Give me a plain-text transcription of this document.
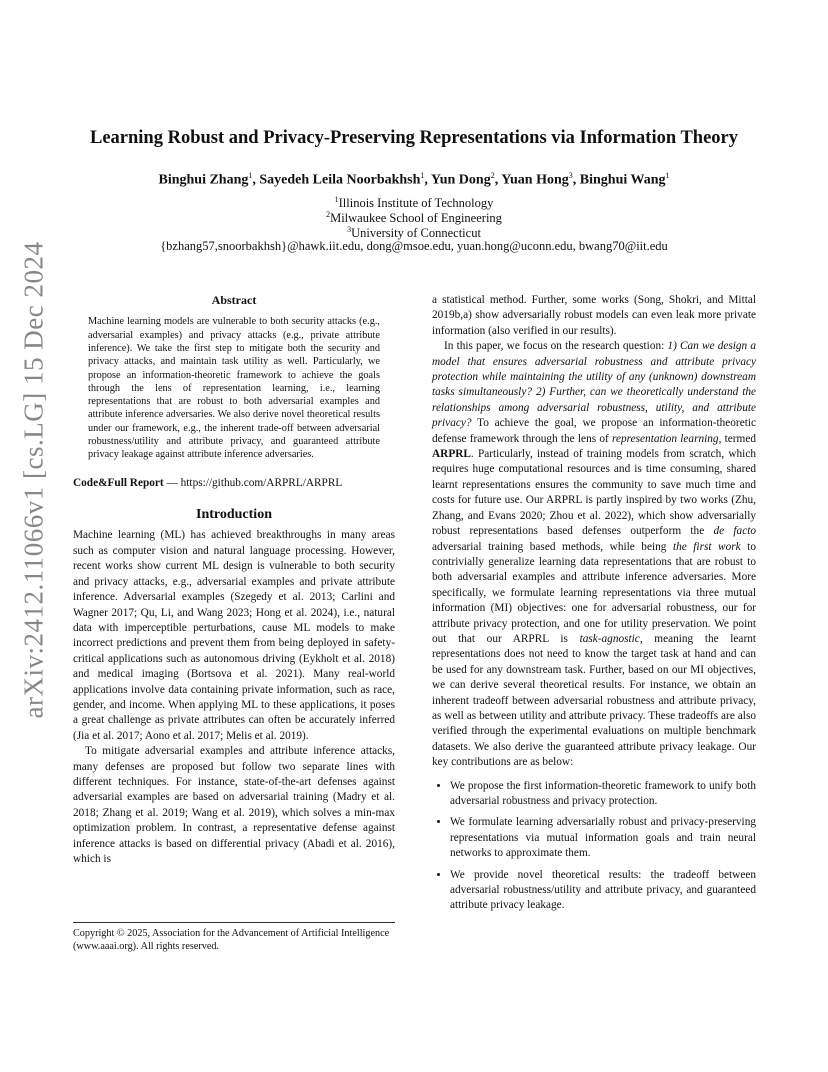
arXiv:2412.11066v1 [cs.LG] 15 Dec 2024
Learning Robust and Privacy-Preserving Representations via Information Theory
Binghui Zhang$^1$, Sayedeh Leila Noorbakhsh$^1$, Yun Dong$^2$, Yuan Hong$^3$, Binghui Wang$^1$
$^1$Illinois Institute of Technology
$^2$Milwaukee School of Engineering
$^3$University of Connecticut
{bzhang57,snoorbakhsh}@hawk.iit.edu, dong@msoe.edu, yuan.hong@uconn.edu, bwang70@iit.edu
Abstract

Machine learning models are vulnerable to both security attacks (e.g., adversarial examples) and privacy attacks (e.g., private attribute inference). We take the first step to mitigate both the security and privacy attacks, and maintain task utility as well. Particularly, we propose an information-theoretic framework to achieve the goals through the lens of representation learning, i.e., learning representations that are robust to both adversarial examples and attribute inference adversaries. We also derive novel theoretical results under our framework, e.g., the inherent trade-off between adversarial robustness/utility and attribute privacy, and guaranteed attribute privacy leakage against attribute inference adversaries.

Code&Full Report — https://github.com/ARPRL/ARPRL

Introduction

Machine learning (ML) has achieved breakthroughs in many areas such as computer vision and natural language processing. However, recent works show current ML design is vulnerable to both security and privacy attacks, e.g., adversarial examples and private attribute inference. Adversarial examples (Szegedy et al. 2013; Carlini and Wagner 2017; Qu, Li, and Wang 2023; Hong et al. 2024), i.e., natural data with imperceptible perturbations, cause ML models to make incorrect predictions and prevent them from being deployed in safety-critical applications such as autonomous driving (Eykholt et al. 2018) and medical imaging (Bortsova et al. 2021). Many real-world applications involve data containing private information, such as race, gender, and income. When applying ML to these applications, it poses a great challenge as private attributes can often be accurately inferred (Jia et al. 2017; Aono et al. 2017; Melis et al. 2019).

To mitigate adversarial examples and attribute inference attacks, many defenses are proposed but follow two separate lines with different techniques. For instance, state-of-the-art defenses against adversarial examples are based on adversarial training (Madry et al. 2018; Zhang et al. 2019; Wang et al. 2019), which solves a min-max optimization problem. In contrast, a representative defense against inference attacks is based on differential privacy (Abadi et al. 2016), which is

Copyright © 2025, Association for the Advancement of Artificial Intelligence (www.aaai.org). All rights reserved.

a statistical method. Further, some works (Song, Shokri, and Mittal 2019b,a) show adversarially robust models can even leak more private information (also verified in our results).

In this paper, we focus on the research question: 1) Can we design a model that ensures adversarial robustness and attribute privacy protection while maintaining the utility of any (unknown) downstream tasks simultaneously? 2) Further, can we theoretically understand the relationships among adversarial robustness, utility, and attribute privacy? To achieve the goal, we propose an information-theoretic defense framework through the lens of representation learning, termed ARPRL. Particularly, instead of training models from scratch, which requires huge computational resources and is time consuming, shared learnt representations ensures the community to save much time and costs for future use. Our ARPRL is partly inspired by two works (Zhu, Zhang, and Evans 2020; Zhou et al. 2022), which show adversarially robust representations based defenses outperform the de facto adversarial training based methods, while being the first work to contrivially generalize learning data representations that are robust to both adversarial examples and attribute inference adversaries. More specifically, we formulate learning representations via three mutual information (MI) objectives: one for adversarial robustness, our for attribute privacy protection, and one for utility preservation. We point out that our ARPRL is task-agnostic, meaning the learnt representations does not need to know the target task at hand and can be used for any downstream task. Further, based on our MI objectives, we can derive several theoretical results. For instance, we obtain an inherent tradeoff between adversarial robustness and attribute privacy, as well as between utility and attribute privacy. These tradeoffs are also verified through the experimental evaluations on multiple benchmark datasets. We also derive the guaranteed attribute privacy leakage. Our key contributions are as below:

• We propose the first information-theoretic framework to unify both adversarial robustness and privacy protection.
• We formulate learning adversarially robust and privacy-preserving representations via mutual information goals and train neural networks to approximate them.
• We provide novel theoretical results: the tradeoff between adversarial robustness/utility and attribute privacy, and guaranteed attribute privacy leakage.
